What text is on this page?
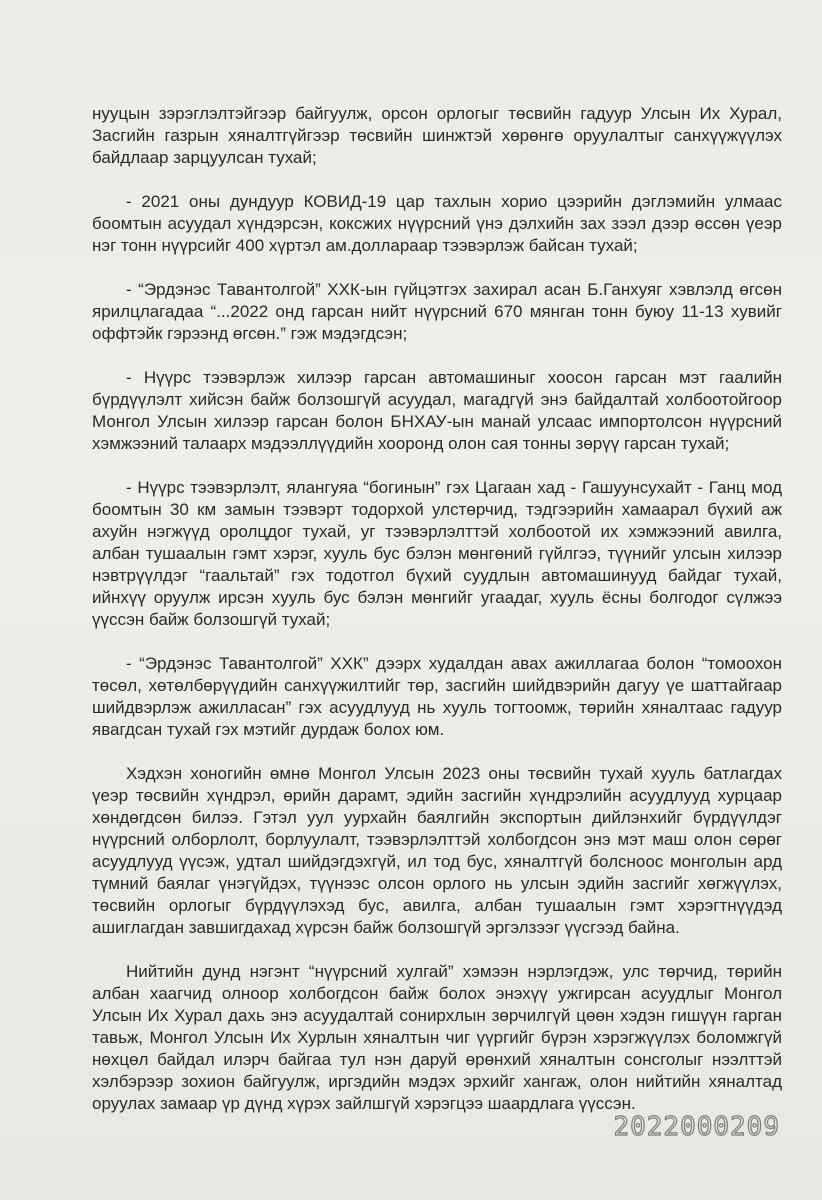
нууцын зэрэглэлтэйгээр байгуулж, орсон орлогыг төсвийн гадуур Улсын Их Хурал, Засгийн газрын хяналтгүйгээр төсвийн шинжтэй хөрөнгө оруулалтыг санхүүжүүлэх байдлаар зарцуулсан тухай;

- 2021 оны дундуур КОВИД-19 цар тахлын хорио цээрийн дэглэмийн улмаас боомтын асуудал хүндэрсэн, коксжих нүүрсний үнэ дэлхийн зах зээл дээр өссөн үеэр нэг тонн нүүрсийг 400 хүртэл ам.доллараар тээвэрлэж байсан тухай;

- “Эрдэнэс Тавантолгой” ХХК-ын гүйцэтгэх захирал асан Б.Ганхуяг хэвлэлд өгсөн ярилцлагадаа “...2022 онд гарсан нийт нүүрсний 670 мянган тонн буюу 11-13 хувийг оффтэйк гэрээнд өгсөн.” гэж мэдэгдсэн;

- Нүүрс тээвэрлэж хилээр гарсан автомашиныг хоосон гарсан мэт гаалийн бүрдүүлэлт хийсэн байж болзошгүй асуудал, магадгүй энэ байдалтай холбоотойгоор Монгол Улсын хилээр гарсан болон БНХАУ-ын манай улсаас импортолсон нүүрсний хэмжээний талаарх мэдээллүүдийн хооронд олон сая тонны зөрүү гарсан тухай;

- Нүүрс тээвэрлэлт, ялангуяа “богинын” гэх Цагаан хад - Гашуунсухайт - Ганц мод боомтын 30 км замын тээвэрт тодорхой улстөрчид, тэдгээрийн хамаарал бүхий аж ахуйн нэгжүүд оролцдог тухай, уг тээвэрлэлттэй холбоотой их хэмжээний авилга, албан тушаалын гэмт хэрэг, хууль бус бэлэн мөнгөний гүйлгээ, түүнийг улсын хилээр нэвтрүүлдэг “гаальтай” гэх тодотгол бүхий суудлын автомашинууд байдаг тухай, ийнхүү оруулж ирсэн хууль бус бэлэн мөнгийг угаадаг, хууль ёсны болгодог сүлжээ үүссэн байж болзошгүй тухай;

- “Эрдэнэс Тавантолгой” ХХК” дээрх худалдан авах ажиллагаа болон “томоохон төсөл, хөтөлбөрүүдийн санхүүжилтийг төр, засгийн шийдвэрийн дагуу үе шаттайгаар шийдвэрлэж ажилласан” гэх асуудлууд нь хууль тогтоомж, төрийн хяналтаас гадуур явагдсан тухай гэх мэтийг дурдаж болох юм.

Хэдхэн хоногийн өмнө Монгол Улсын 2023 оны төсвийн тухай хууль батлагдах үеэр төсвийн хүндрэл, өрийн дарамт, эдийн засгийн хүндрэлийн асуудлууд хурцаар хөндөгдсөн билээ. Гэтэл уул уурхайн баялгийн экспортын дийлэнхийг бүрдүүлдэг нүүрсний олборлолт, борлуулалт, тээвэрлэлттэй холбогдсон энэ мэт маш олон сөрөг асуудлууд үүсэж, удтал шийдэгдэхгүй, ил тод бус, хяналтгүй болсноос монголын ард түмний баялаг үнэгүйдэх, түүнээс олсон орлого нь улсын эдийн засгийг хөгжүүлэх, төсвийн орлогыг бүрдүүлэхэд бус, авилга, албан тушаалын гэмт хэрэгтнүүдэд ашиглагдан завшигдахад хүрсэн байж болзошгүй эргэлзээг үүсгээд байна.

Нийтийн дунд нэгэнт “нүүрсний хулгай” хэмээн нэрлэгдэж, улс төрчид, төрийн албан хаагчид олноор холбогдсон байж болох энэхүү ужгирсан асуудлыг Монгол Улсын Их Хурал дахь энэ асуудалтай сонирхлын зөрчилгүй цөөн хэдэн гишүүн гарган тавьж, Монгол Улсын Их Хурлын хяналтын чиг үүргийг бүрэн хэрэгжүүлэх боломжгүй нөхцөл байдал илэрч байгаа тул нэн даруй өрөнхий хяналтын сонсголыг нээлттэй хэлбэрээр зохион байгуулж, иргэдийн мэдэх эрхийг хангаж, олон нийтийн хяналтад оруулах замаар үр дүнд хүрэх зайлшгүй хэрэгцээ шаардлага үүссэн.

2022000209
